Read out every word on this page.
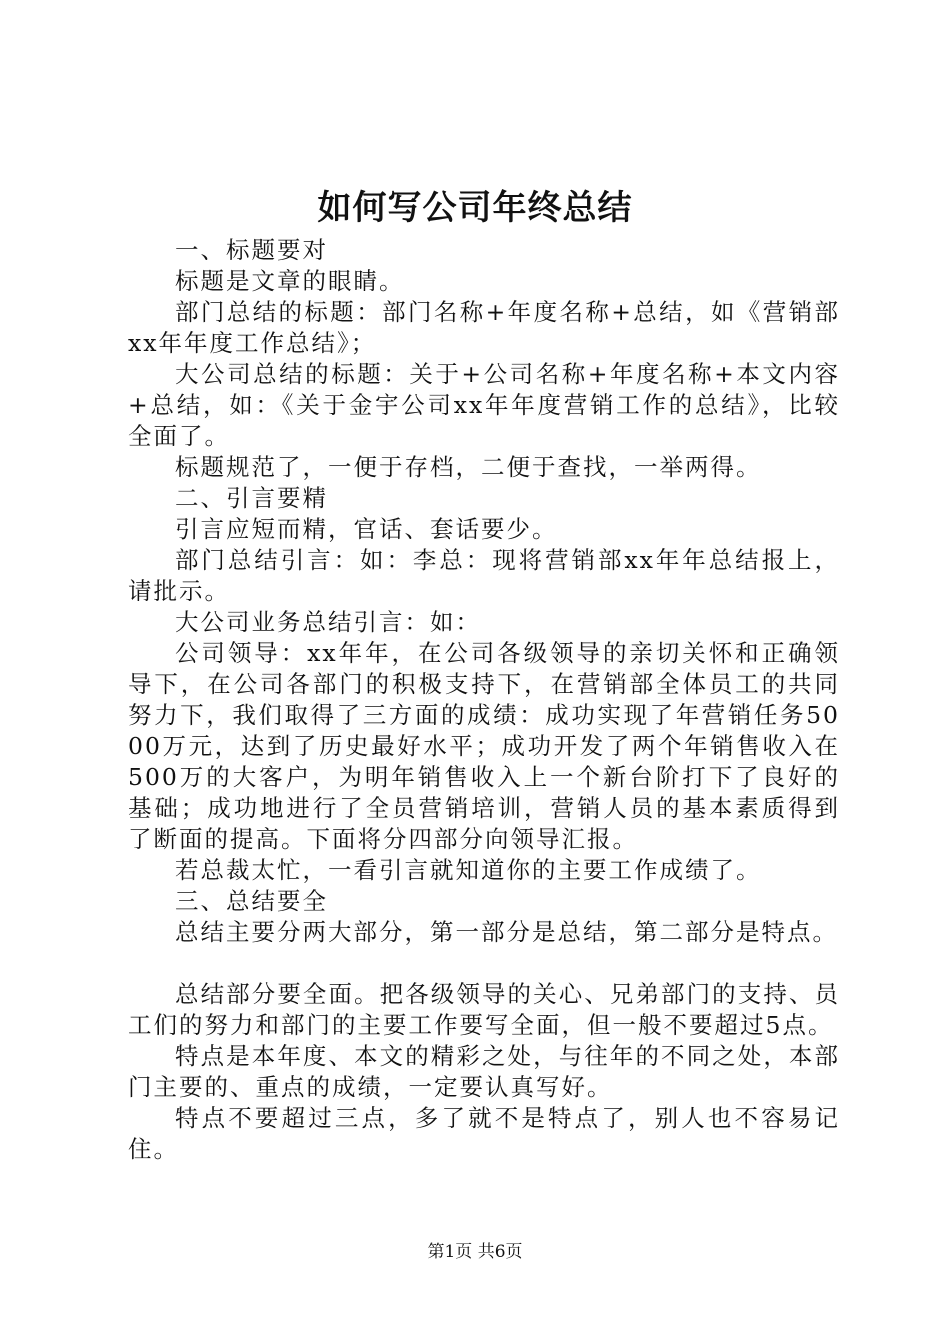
如何写公司年终总结

一、标题要对

标题是文章的眼睛。

部门总结的标题：部门名称+年度名称+总结，如《营销部xx年年度工作总结》；

大公司总结的标题：关于+公司名称+年度名称+本文内容+总结，如：《关于金宇公司xx年年度营销工作的总结》，比较全面了。

标题规范了，一便于存档，二便于查找，一举两得。

二、引言要精

引言应短而精，官话、套话要少。

部门总结引言：如：李总：现将营销部xx年年总结报上，请批示。

大公司业务总结引言：如：

公司领导：xx年年，在公司各级领导的亲切关怀和正确领导下，在公司各部门的积极支持下，在营销部全体员工的共同努力下，我们取得了三方面的成绩：成功实现了年营销任务5000万元，达到了历史最好水平；成功开发了两个年销售收入在500万的大客户，为明年销售收入上一个新台阶打下了良好的基础；成功地进行了全员营销培训，营销人员的基本素质得到了断面的提高。下面将分四部分向领导汇报。

若总裁太忙，一看引言就知道你的主要工作成绩了。

三、总结要全

总结主要分两大部分，第一部分是总结，第二部分是特点。

总结部分要全面。把各级领导的关心、兄弟部门的支持、员工们的努力和部门的主要工作要写全面，但一般不要超过5点。

特点是本年度、本文的精彩之处，与往年的不同之处，本部门主要的、重点的成绩，一定要认真写好。

特点不要超过三点，多了就不是特点了，别人也不容易记住。

第1页 共6页
